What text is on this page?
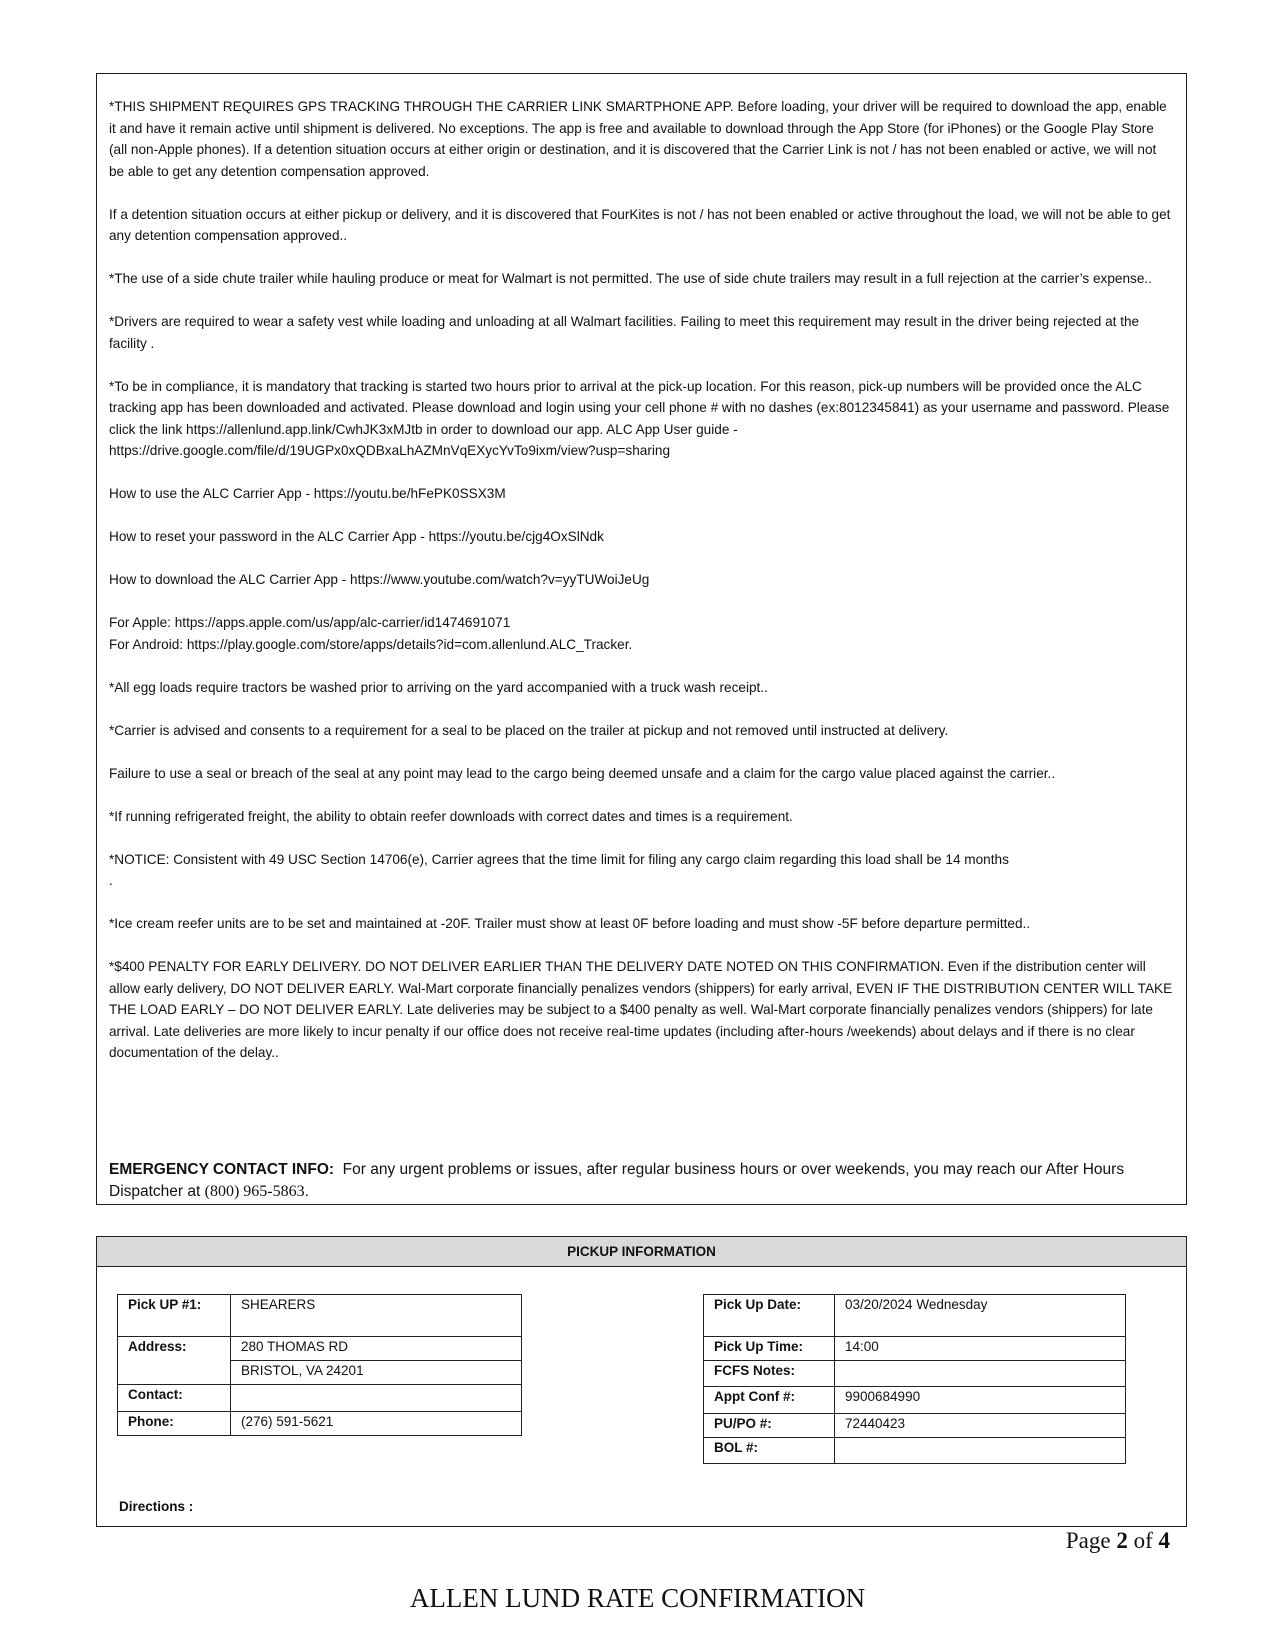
*THIS SHIPMENT REQUIRES GPS TRACKING THROUGH THE CARRIER LINK SMARTPHONE APP. Before loading, your driver will be required to download the app, enable it and have it remain active until shipment is delivered. No exceptions. The app is free and available to download through the App Store (for iPhones) or the Google Play Store (all non-Apple phones). If a detention situation occurs at either origin or destination, and it is discovered that the Carrier Link is not / has not been enabled or active, we will not be able to get any detention compensation approved.

If a detention situation occurs at either pickup or delivery, and it is discovered that FourKites is not / has not been enabled or active throughout the load, we will not be able to get any detention compensation approved..

*The use of a side chute trailer while hauling produce or meat for Walmart is not permitted. The use of side chute trailers may result in a full rejection at the carrier’s expense..

*Drivers are required to wear a safety vest while loading and unloading at all Walmart facilities. Failing to meet this requirement may result in the driver being rejected at the facility .

*To be in compliance, it is mandatory that tracking is started two hours prior to arrival at the pick-up location. For this reason, pick-up numbers will be provided once the ALC tracking app has been downloaded and activated. Please download and login using your cell phone # with no dashes (ex:8012345841) as your username and password. Please click the link https://allenlund.app.link/CwhJK3xMJtb in order to download our app. ALC App User guide - https://drive.google.com/file/d/19UGPx0xQDBxaLhAZMnVqEXycYvTo9ixm/view?usp=sharing

How to use the ALC Carrier App - https://youtu.be/hFePK0SSX3M

How to reset your password in the ALC Carrier App - https://youtu.be/cjg4OxSlNdk

How to download the ALC Carrier App - https://www.youtube.com/watch?v=yyTUWoiJeUg

For Apple: https://apps.apple.com/us/app/alc-carrier/id1474691071
For Android: https://play.google.com/store/apps/details?id=com.allenlund.ALC_Tracker.

*All egg loads require tractors be washed prior to arriving on the yard accompanied with a truck wash receipt..

*Carrier is advised and consents to a requirement for a seal to be placed on the trailer at pickup and not removed until instructed at delivery.

Failure to use a seal or breach of the seal at any point may lead to the cargo being deemed unsafe and a claim for the cargo value placed against the carrier..

*If running refrigerated freight, the ability to obtain reefer downloads with correct dates and times is a requirement.

*NOTICE: Consistent with 49 USC Section 14706(e), Carrier agrees that the time limit for filing any cargo claim regarding this load shall be 14 months
.

*Ice cream reefer units are to be set and maintained at -20F. Trailer must show at least 0F before loading and must show -5F before departure permitted..

*$400 PENALTY FOR EARLY DELIVERY. DO NOT DELIVER EARLIER THAN THE DELIVERY DATE NOTED ON THIS CONFIRMATION. Even if the distribution center will allow early delivery, DO NOT DELIVER EARLY. Wal-Mart corporate financially penalizes vendors (shippers) for early arrival, EVEN IF THE DISTRIBUTION CENTER WILL TAKE THE LOAD EARLY – DO NOT DELIVER EARLY. Late deliveries may be subject to a $400 penalty as well. Wal-Mart corporate financially penalizes vendors (shippers) for late arrival. Late deliveries are more likely to incur penalty if our office does not receive real-time updates (including after-hours /weekends) about delays and if there is no clear documentation of the delay..

EMERGENCY CONTACT INFO: For any urgent problems or issues, after regular business hours or over weekends, you may reach our After Hours Dispatcher at (800) 965-5863.
PICKUP INFORMATION
Pick UP #1:	SHEARERS
Address:	280 THOMAS RD
	BRISTOL, VA 24201
Contact:	
Phone:	(276) 591-5621
Pick Up Date:	03/20/2024 Wednesday
Pick Up Time:	14:00
FCFS Notes:	
Appt Conf #:	9900684990
PU/PO #:	72440423
BOL #:	
Directions :
Page 2 of 4
ALLEN LUND RATE CONFIRMATION
